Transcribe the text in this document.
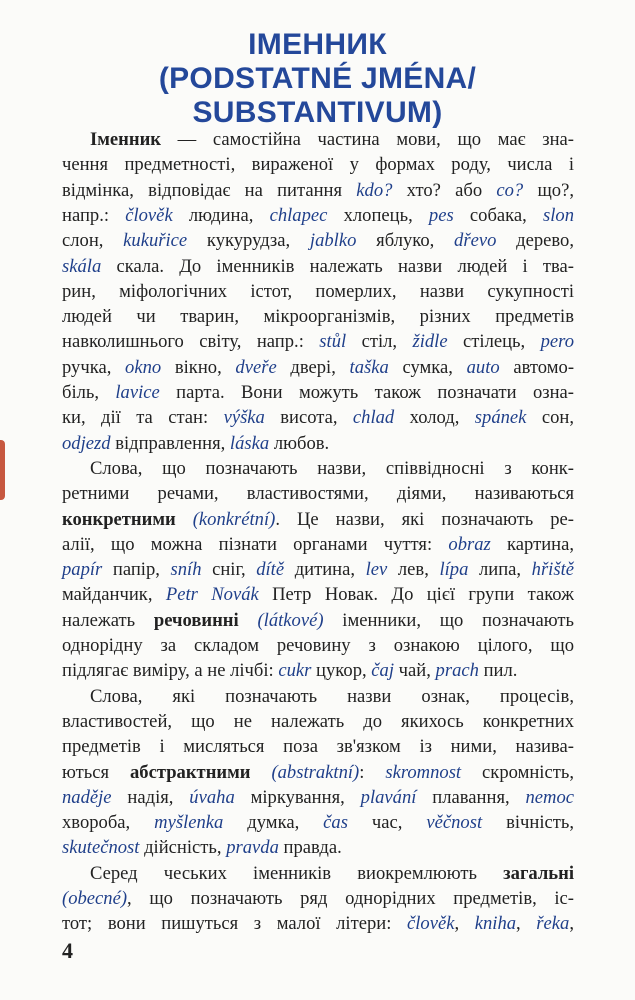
ІМЕННИК
(PODSTATNÉ JMÉNA/
SUBSTANTIVUM)
Іменник — самостійна частина мови, що має зна-
чення предметності, вираженої у формах роду, числа і
відмінка, відповідає на питання kdo? хто? або co? що?,
напр.: člověk людина, chlapec хлопець, pes собака, slon
слон, kukuřice кукурудза, jablko яблуко, dřevo дерево,
skála скала. До іменників належать назви людей і тва-
рин, міфологічних істот, померлих, назви сукупності
людей чи тварин, мікроорганізмів, різних предметів
навколишнього світу, напр.: stůl стіл, židle стілець, pero
ручка, okno вікно, dveře двері, taška сумка, auto автомо-
біль, lavice парта. Вони можуть також позначати озна-
ки, дії та стан: výška висота, chlad холод, spánek сон,
odjezd відправлення, láska любов.
Слова, що позначають назви, співвідносні з конк-
ретними речами, властивостями, діями, називаються
конкретними (konkrétní). Це назви, які позначають ре-
алії, що можна пізнати органами чуття: obraz картина,
papír папір, sníh сніг, dítě дитина, lev лев, lípa липа, hřiště
майданчик, Petr Novák Петр Новак. До цієї групи також
належать речовинні (látkové) іменники, що позначають
однорідну за складом речовину з ознакою цілого, що
підлягає виміру, а не лічбі: cukr цукор, čaj чай, prach пил.
Слова, які позначають назви ознак, процесів,
властивостей, що не належать до якихось конкретних
предметів і мисляться поза зв'язком із ними, назива-
ються абстрактними (abstraktní): skromnost скромність,
naděje надія, úvaha міркування, plavání плавання, nemoc
хвороба, myšlenka думка, čas час, věčnost вічність,
skutečnost дійсність, pravda правда.
Серед чеських іменників виокремлюють загальні
(obecné), що позначають ряд однорідних предметів, іс-
тот; вони пишуться з малої літери: člověk, kniha, řeka,
4
